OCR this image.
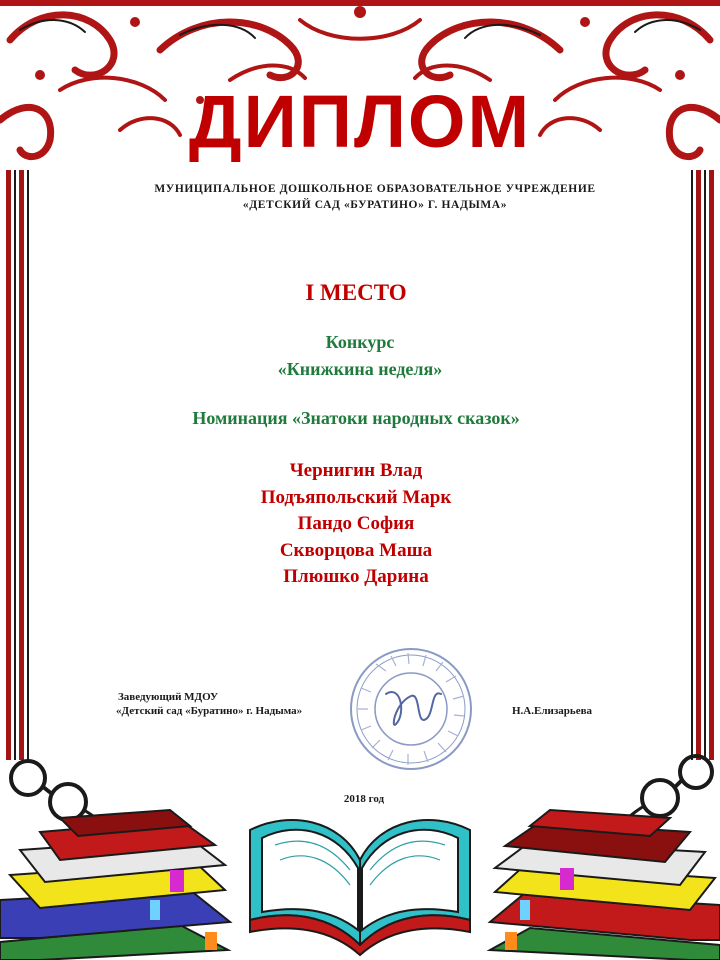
ДИПЛОМ
МУНИЦИПАЛЬНОЕ ДОШКОЛЬНОЕ ОБРАЗОВАТЕЛЬНОЕ УЧРЕЖДЕНИЕ
«ДЕТСКИЙ САД «БУРАТИНО» Г. НАДЫМА»
I МЕСТО
Конкурс
«Книжкина неделя»
Номинация «Знатоки народных сказок»
Чернигин Влад
Подъяпольский Марк
Пандо София
Скворцова Маша
Плюшко Дарина
Заведующий МДОУ
«Детский сад «Буратино» г. Надыма»	Н.А.Елизарьева
2018 год
